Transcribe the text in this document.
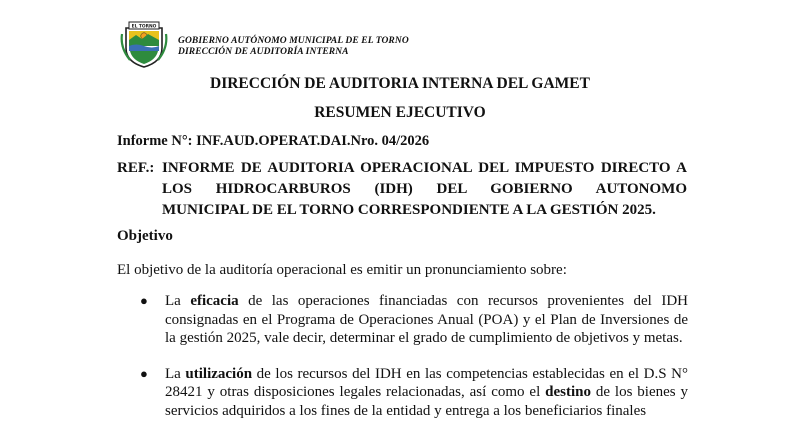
EL TORNO
GOBIERNO AUTÓNOMO MUNICIPAL DE EL TORNO
DIRECCIÓN DE AUDITORÍA INTERNA
DIRECCIÓN DE AUDITORIA INTERNA DEL GAMET
RESUMEN EJECUTIVO
Informe N°: INF.AUD.OPERAT.DAI.Nro. 04/2026
REF.: INFORME DE AUDITORIA OPERACIONAL DEL IMPUESTO DIRECTO A LOS HIDROCARBUROS (IDH) DEL GOBIERNO AUTONOMO
MUNICIPAL DE EL TORNO CORRESPONDIENTE A LA GESTIÓN 2025.
Objetivo
El objetivo de la auditoría operacional es emitir un pronunciamiento sobre:
● La eficacia de las operaciones financiadas con recursos provenientes del IDH consignadas en el Programa de Operaciones Anual (POA) y el Plan de Inversiones de la gestión 2025, vale decir, determinar el grado de cumplimiento de objetivos y metas.
● La utilización de los recursos del IDH en las competencias establecidas en el D.S N° 28421 y otras disposiciones legales relacionadas, así como el destino de los bienes y servicios adquiridos a los fines de la entidad y entrega a los beneficiarios finales
